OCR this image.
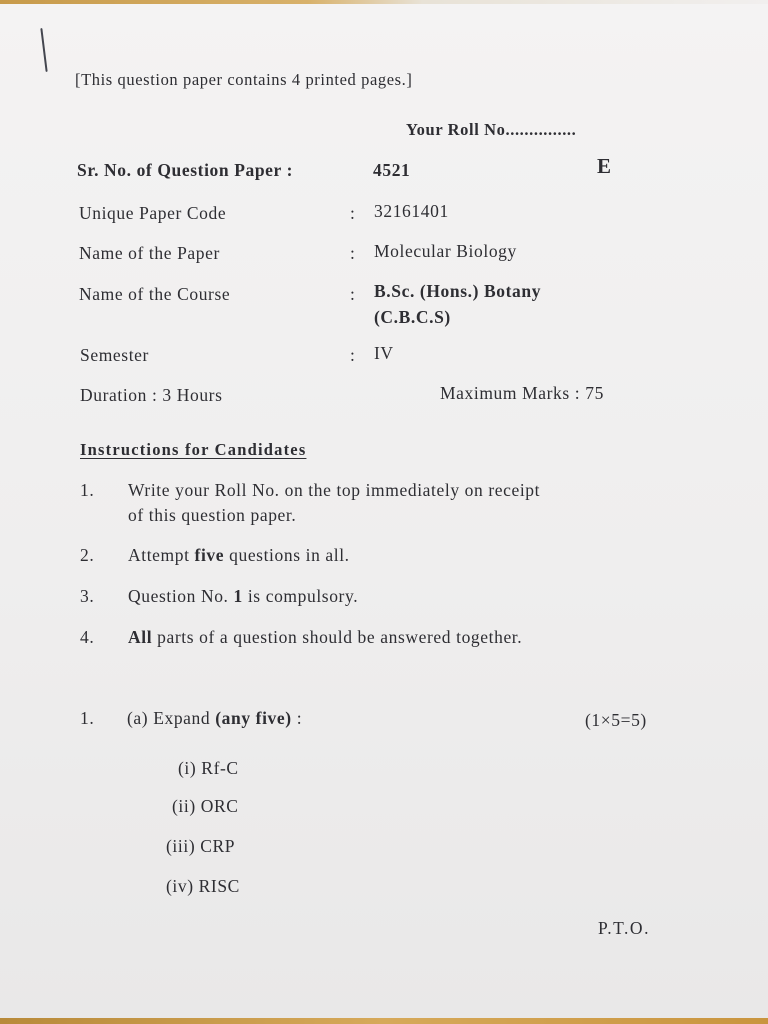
[This question paper contains 4 printed pages.]
Your Roll No...............
Sr. No. of Question Paper :	4521	E
Unique Paper Code	: 32161401
Name of the Paper	: Molecular Biology
Name of the Course	: B.Sc. (Hons.) Botany
(C.B.C.S)
Semester	: IV
Duration : 3 Hours	Maximum Marks : 75
Instructions for Candidates
1. Write your Roll No. on the top immediately on receipt
of this question paper.
2. Attempt five questions in all.
3. Question No. 1 is compulsory.
4. All parts of a question should be answered together.
1. (a) Expand (any five) :	(1×5=5)
(i) Rf-C
(ii) ORC
(iii) CRP
(iv) RISC
P.T.O.
